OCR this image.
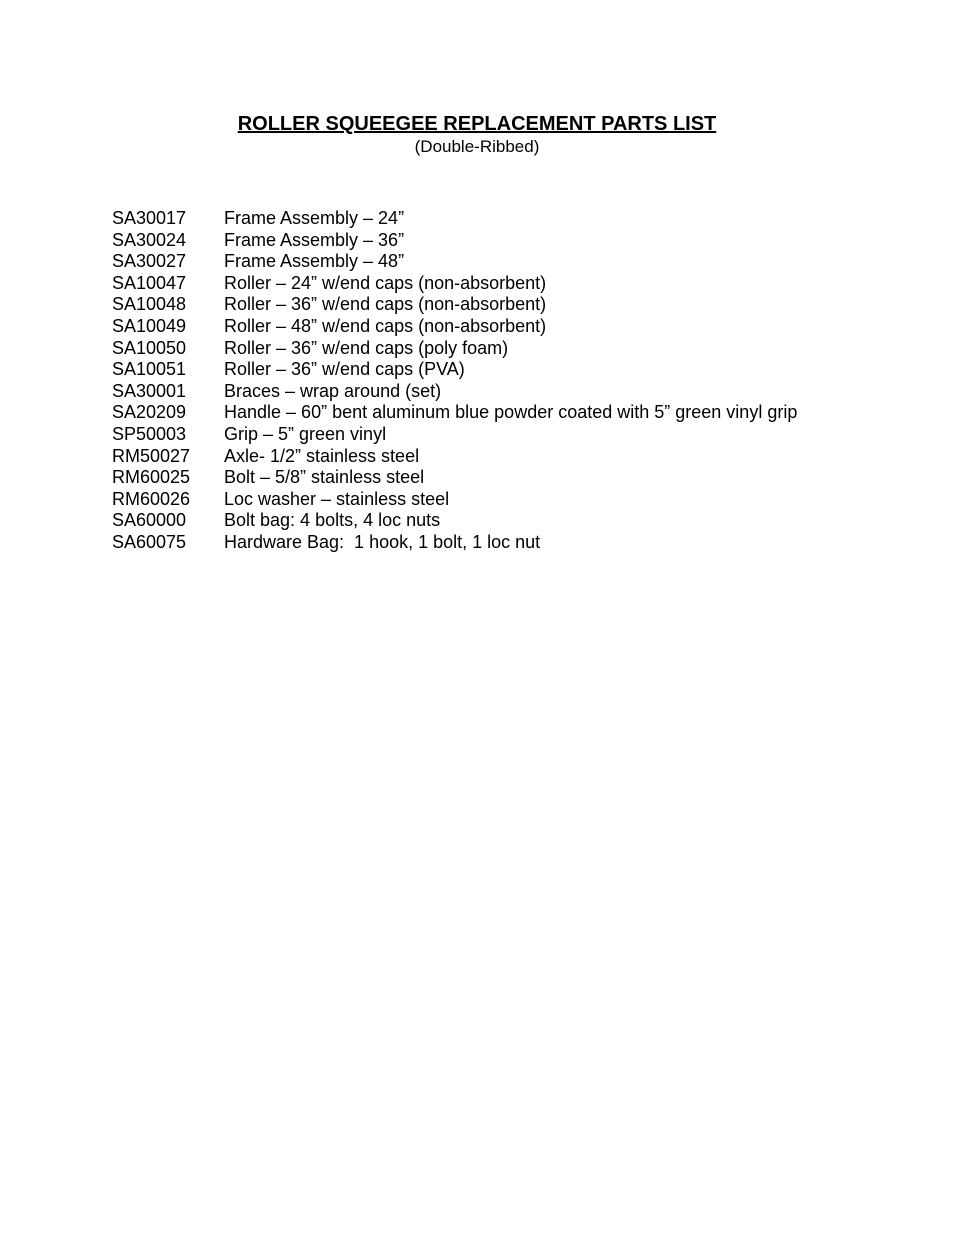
ROLLER SQUEEGEE REPLACEMENT PARTS LIST
(Double-Ribbed)
SA30017	Frame Assembly – 24”
SA30024	Frame Assembly – 36”
SA30027	Frame Assembly – 48”
SA10047	Roller – 24” w/end caps (non-absorbent)
SA10048	Roller – 36” w/end caps (non-absorbent)
SA10049	Roller – 48” w/end caps (non-absorbent)
SA10050	Roller – 36” w/end caps (poly foam)
SA10051	Roller – 36” w/end caps (PVA)
SA30001	Braces – wrap around (set)
SA20209	Handle – 60” bent aluminum blue powder coated with 5” green vinyl grip
SP50003	Grip – 5” green vinyl
RM50027	Axle- 1/2” stainless steel
RM60025	Bolt – 5/8” stainless steel
RM60026	Loc washer – stainless steel
SA60000	Bolt bag: 4 bolts, 4 loc nuts
SA60075	Hardware Bag:  1 hook, 1 bolt, 1 loc nut
